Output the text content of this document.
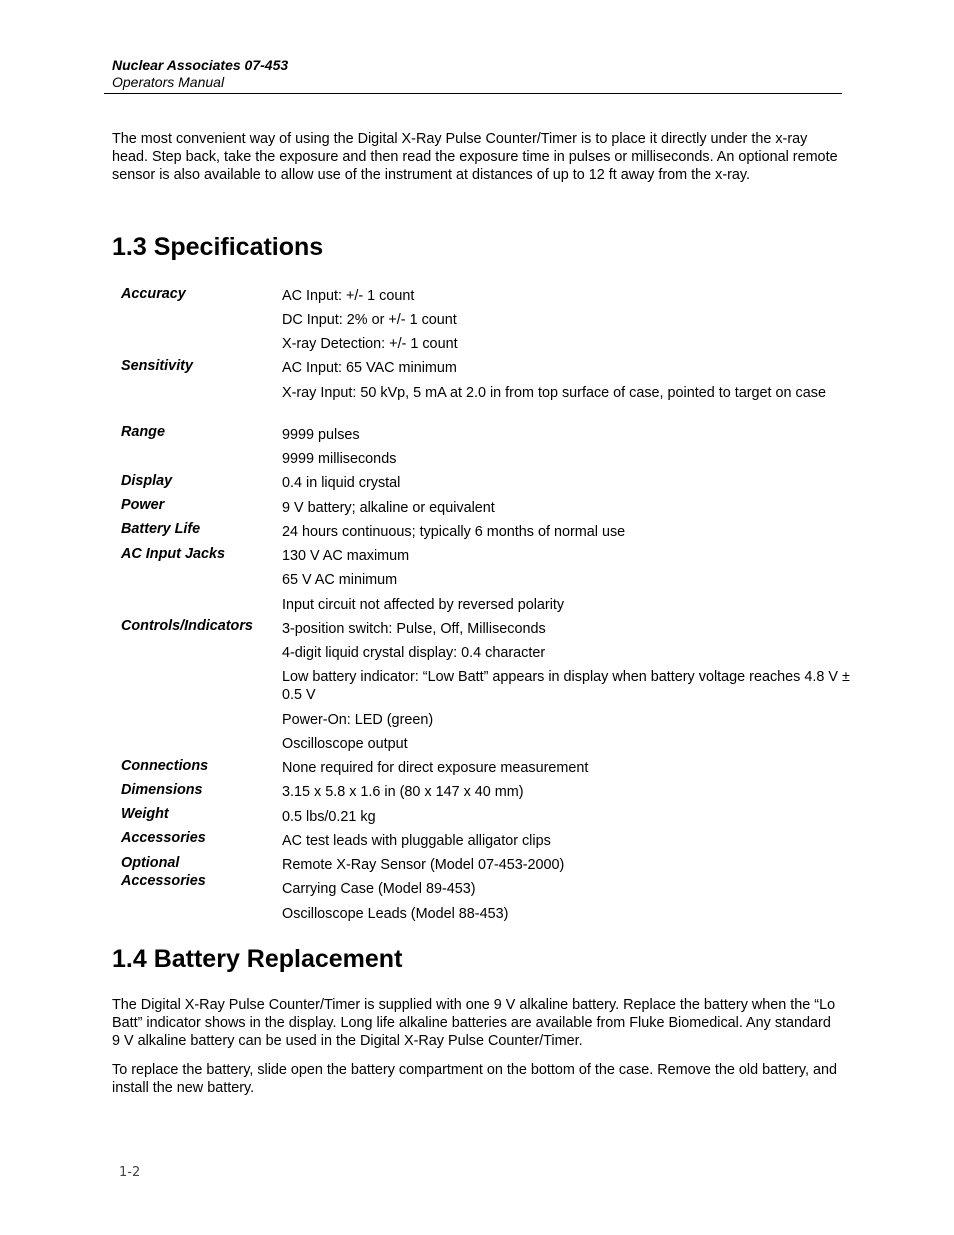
Nuclear Associates 07-453
Operators Manual
The most convenient way of using the Digital X-Ray Pulse Counter/Timer is to place it directly under the x-ray head. Step back, take the exposure and then read the exposure time in pulses or milliseconds. An optional remote sensor is also available to allow use of the instrument at distances of up to 12 ft away from the x-ray.
1.3 Specifications
Accuracy
Sensitivity
Range
Display
Power
Battery Life
AC Input Jacks
Controls/Indicators
Connections
Dimensions
Weight
Accessories
Optional
Accessories
AC Input: +/- 1 count
DC Input: 2% or +/- 1 count
X-ray Detection: +/- 1 count
AC Input: 65 VAC minimum
X-ray Input: 50 kVp, 5 mA at 2.0 in from top surface of case, pointed to target on case
9999 pulses
9999 milliseconds
0.4 in liquid crystal
9 V battery; alkaline or equivalent
24 hours continuous; typically 6 months of normal use
130 V AC maximum
65 V AC minimum
Input circuit not affected by reversed polarity
3-position switch: Pulse, Off, Milliseconds
4-digit liquid crystal display: 0.4 character
Low battery indicator: “Low Batt” appears in display when battery voltage reaches 4.8 V ± 0.5 V
Power-On: LED (green)
Oscilloscope output
None required for direct exposure measurement
3.15 x 5.8 x 1.6 in (80 x 147 x 40 mm)
0.5 lbs/0.21 kg
AC test leads with pluggable alligator clips
Remote X-Ray Sensor (Model 07-453-2000)
Carrying Case (Model 89-453)
Oscilloscope Leads (Model 88-453)
1.4 Battery Replacement
The Digital X-Ray Pulse Counter/Timer is supplied with one 9 V alkaline battery. Replace the battery when the “Lo Batt” indicator shows in the display. Long life alkaline batteries are available from Fluke Biomedical. Any standard 9 V alkaline battery can be used in the Digital X-Ray Pulse Counter/Timer.
To replace the battery, slide open the battery compartment on the bottom of the case. Remove the old battery, and install the new battery.
1-2
